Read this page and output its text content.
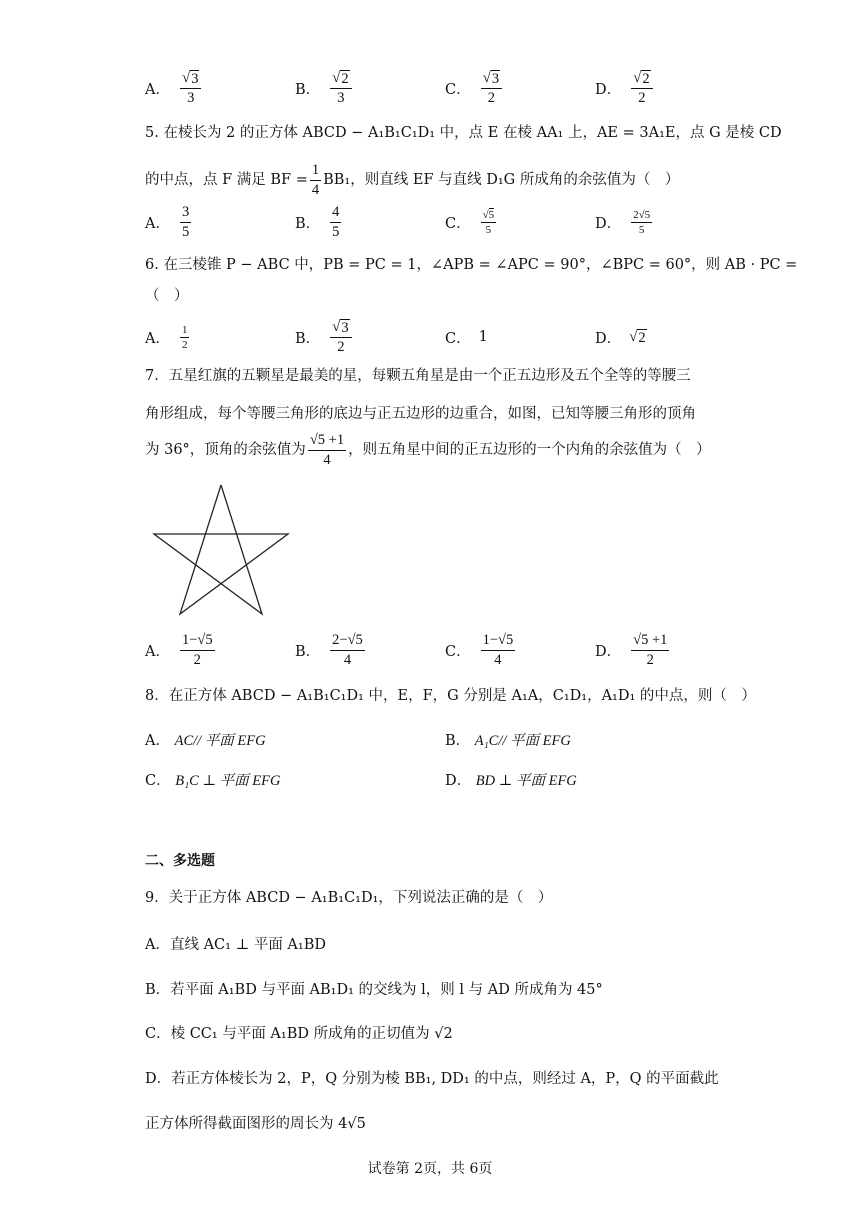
A． $\frac{√ 3}{3}$	B． $\frac{√ 2}{3}$	C． $\frac{√ 3}{2}$	D． $\frac{√ 2}{2}$
5. 在棱长为 2 的正方体 ABCD − A₁B₁C₁D₁ 中，点 E 在棱 AA₁ 上，AE = 3A₁E，点 G 是棱 CD
的中点，点 F 满足 BF = $\frac{1}{4} BB_1$，则直线 EF 与直线 D₁G 所成角的余弦值为（　）
A． $\frac{3}{5}$	B． $\frac{4}{5}$	C． $\frac{√5}{5}$	D． $\frac{2√5}{5}$
6. 在三棱锥 P − ABC 中，PB = PC = 1，∠APB = ∠APC = 90°，∠BPC = 60°，则 AB · PC =
（　）
A． $\frac{1}{2}$	B． $\frac{√ 3}{2}$	C． 1	D． √ 2
7．五星红旗的五颗星是最美的星，每颗五角星是由一个正五边形及五个全等的等腰三
角形组成，每个等腰三角形的底边与正五边形的边重合，如图，已知等腰三角形的顶角
为 36°，顶角的余弦值为 $\frac{√5 +1}{4}$ ，则五角星中间的正五边形的一个内角的余弦值为（　）
A． $\frac{1-√5}{2}$	B． $\frac{2-√5}{4}$	C． $\frac{1-√5}{4}$	D． $\frac{√5 +1}{2}$
8．在正方体 ABCD − A₁B₁C₁D₁ 中，E，F，G 分别是 A₁A，C₁D₁，A₁D₁ 的中点，则（　）
A． AC// 平面 EFG	B． A₁C// 平面 EFG
C． B₁C ⊥ 平面 EFG	D． BD ⊥ 平面 EFG
二、多选题
9．关于正方体 ABCD − A₁B₁C₁D₁，下列说法正确的是（　）
A．直线 AC₁ ⊥ 平面 A₁BD
B．若平面 A₁BD 与平面 AB₁D₁ 的交线为 l，则 l 与 AD 所成角为 45°
C．棱 CC₁ 与平面 A₁BD 所成角的正切值为 √2
D．若正方体棱长为 2，P，Q 分别为棱 BB₁, DD₁ 的中点，则经过 A，P，Q 的平面截此
正方体所得截面图形的周长为 4√5
试卷第 2页，共 6页
